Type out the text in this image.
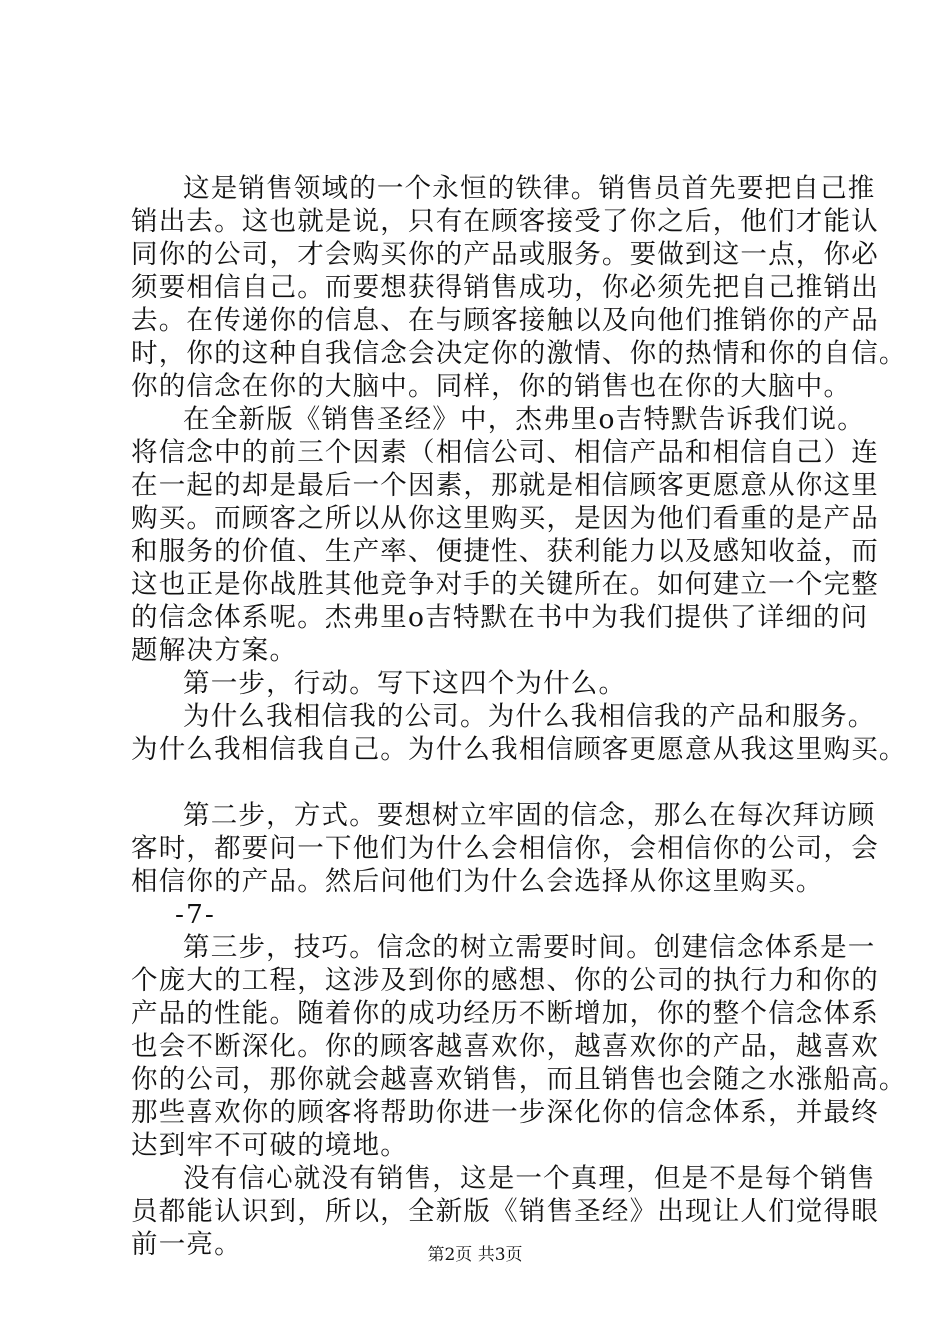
这是销售领域的一个永恒的铁律。销售员首先要把自己推
销出去。这也就是说，只有在顾客接受了你之后，他们才能认
同你的公司，才会购买你的产品或服务。要做到这一点，你必
须要相信自己。而要想获得销售成功，你必须先把自己推销出
去。在传递你的信息、在与顾客接触以及向他们推销你的产品
时，你的这种自我信念会决定你的激情、你的热情和你的自信。
你的信念在你的大脑中。同样，你的销售也在你的大脑中。
在全新版《销售圣经》中，杰弗里o吉特默告诉我们说。
将信念中的前三个因素（相信公司、相信产品和相信自己）连
在一起的却是最后一个因素，那就是相信顾客更愿意从你这里
购买。而顾客之所以从你这里购买，是因为他们看重的是产品
和服务的价值、生产率、便捷性、获利能力以及感知收益，而
这也正是你战胜其他竞争对手的关键所在。如何建立一个完整
的信念体系呢。杰弗里o吉特默在书中为我们提供了详细的问
题解决方案。
第一步，行动。写下这四个为什么。
为什么我相信我的公司。为什么我相信我的产品和服务。
为什么我相信我自己。为什么我相信顾客更愿意从我这里购买。
第二步，方式。要想树立牢固的信念，那么在每次拜访顾
客时，都要问一下他们为什么会相信你，会相信你的公司，会
相信你的产品。然后问他们为什么会选择从你这里购买。
-7-
第三步，技巧。信念的树立需要时间。创建信念体系是一
个庞大的工程，这涉及到你的感想、你的公司的执行力和你的
产品的性能。随着你的成功经历不断增加，你的整个信念体系
也会不断深化。你的顾客越喜欢你，越喜欢你的产品，越喜欢
你的公司，那你就会越喜欢销售，而且销售也会随之水涨船高。
那些喜欢你的顾客将帮助你进一步深化你的信念体系，并最终
达到牢不可破的境地。
没有信心就没有销售，这是一个真理，但是不是每个销售
员都能认识到，所以，全新版《销售圣经》出现让人们觉得眼
前一亮。	第2页 共3页
